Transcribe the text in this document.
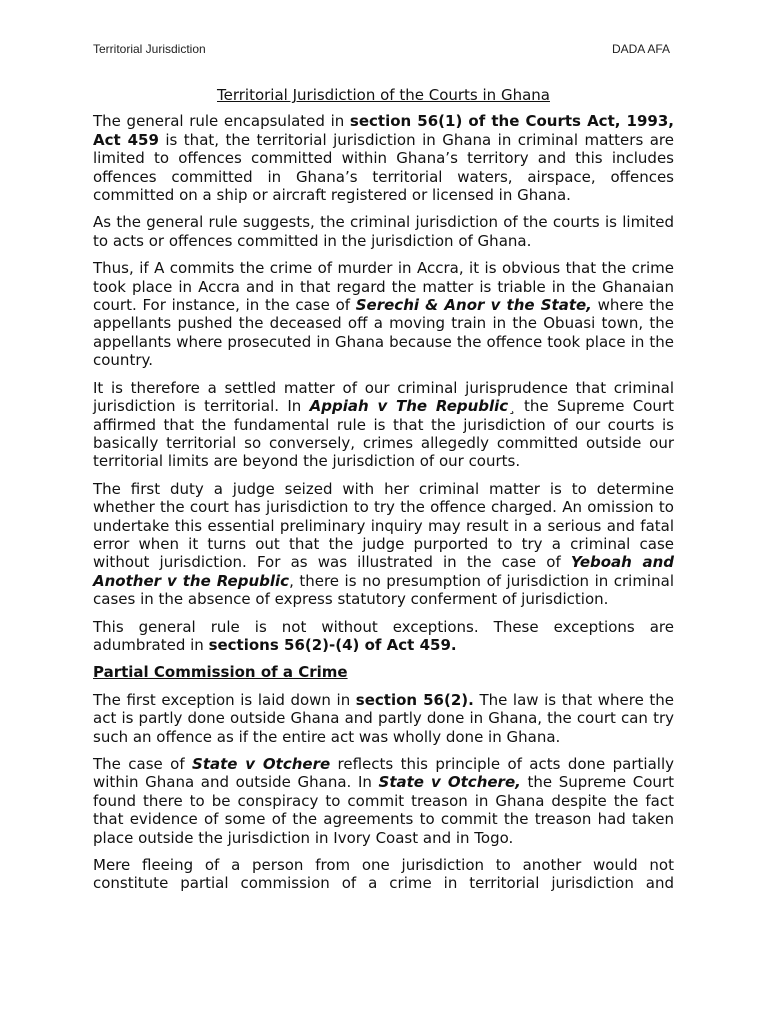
Territorial Jurisdiction	DADA AFA
Territorial Jurisdiction of the Courts in Ghana

The general rule encapsulated in section 56(1) of the Courts Act, 1993, Act 459 is that, the territorial jurisdiction in Ghana in criminal matters are limited to offences committed within Ghana’s territory and this includes offences committed in Ghana’s territorial waters, airspace, offences committed on a ship or aircraft registered or licensed in Ghana.

As the general rule suggests, the criminal jurisdiction of the courts is limited to acts or offences committed in the jurisdiction of Ghana.

Thus, if A commits the crime of murder in Accra, it is obvious that the crime took place in Accra and in that regard the matter is triable in the Ghanaian court. For instance, in the case of Serechi & Anor v the State, where the appellants pushed the deceased off a moving train in the Obuasi town, the appellants where prosecuted in Ghana because the offence took place in the country.

It is therefore a settled matter of our criminal jurisprudence that criminal jurisdiction is territorial. In Appiah v The Republic¸ the Supreme Court affirmed that the fundamental rule is that the jurisdiction of our courts is basically territorial so conversely, crimes allegedly committed outside our territorial limits are beyond the jurisdiction of our courts.

The first duty a judge seized with her criminal matter is to determine whether the court has jurisdiction to try the offence charged. An omission to undertake this essential preliminary inquiry may result in a serious and fatal error when it turns out that the judge purported to try a criminal case without jurisdiction. For as was illustrated in the case of Yeboah and Another v the Republic, there is no presumption of jurisdiction in criminal cases in the absence of express statutory conferment of jurisdiction.

This general rule is not without exceptions. These exceptions are adumbrated in sections 56(2)-(4) of Act 459.

Partial Commission of a Crime

The first exception is laid down in section 56(2). The law is that where the act is partly done outside Ghana and partly done in Ghana, the court can try such an offence as if the entire act was wholly done in Ghana.

The case of State v Otchere reflects this principle of acts done partially within Ghana and outside Ghana. In State v Otchere, the Supreme Court found there to be conspiracy to commit treason in Ghana despite the fact that evidence of some of the agreements to commit the treason had taken place outside the jurisdiction in Ivory Coast and in Togo.

Mere fleeing of a person from one jurisdiction to another would not constitute partial commission of a crime in territorial jurisdiction and
